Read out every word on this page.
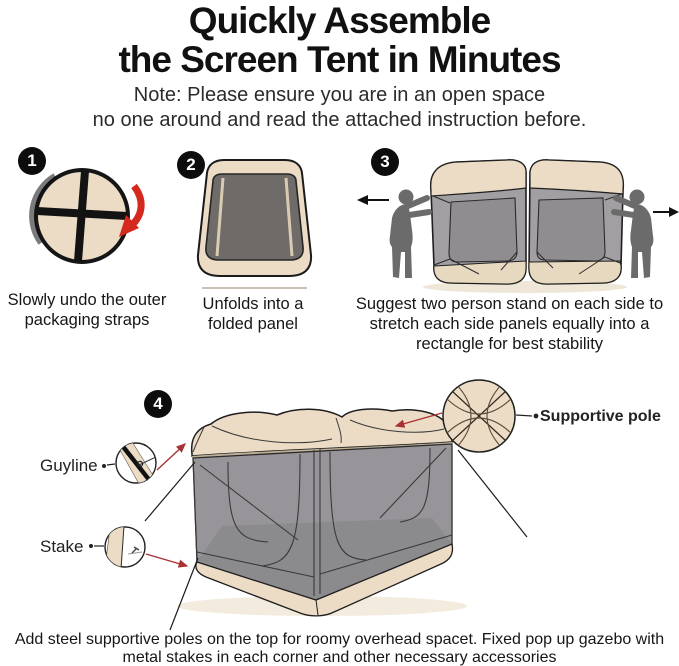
Quickly Assemble
the Screen Tent in Minutes
Note: Please ensure you are in an open space
no one around and read the attached instruction before.
1	2	3
4
Slowly undo the outer packaging straps
Unfolds into a folded panel
Suggest two person stand on each side to stretch each side panels equally into a rectangle for best stability
Guyline
Stake
Supportive pole
Add steel supportive poles on the top for roomy overhead spacet. Fixed pop up gazebo with metal stakes in each corner and other necessary accessories
